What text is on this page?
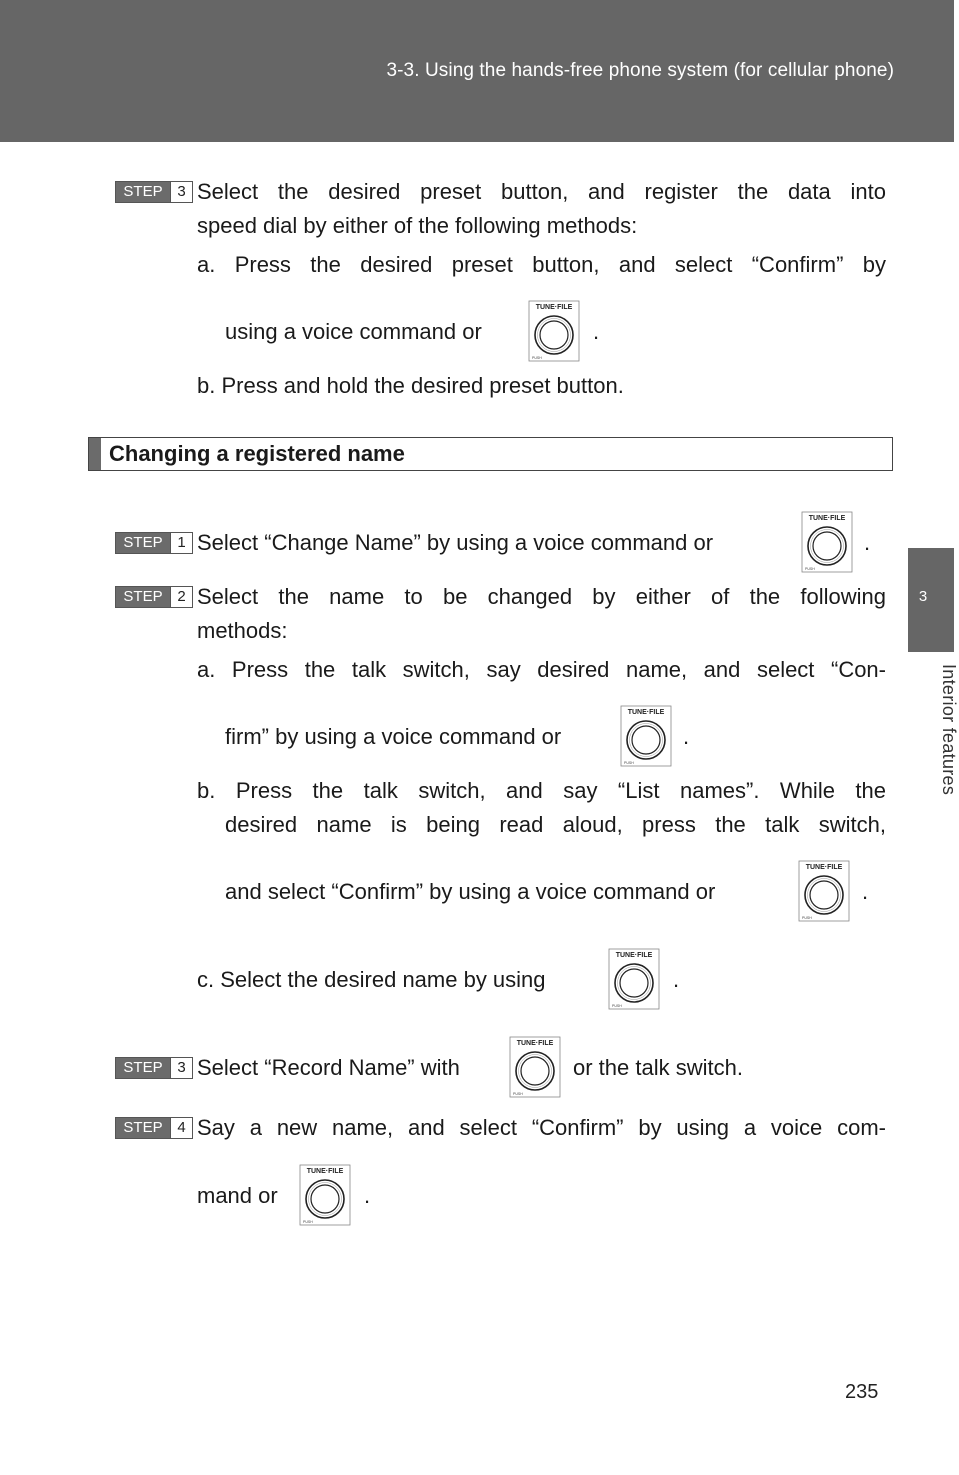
3-3. Using the hands-free phone system (for cellular phone)
3
Interior features
STEP 3 Select the desired preset button, and register the data into
speed dial by either of the following methods:
a. Press the desired preset button, and select “Confirm” by
using a voice command or
TUNE·FILE
PUSH
.
b. Press and hold the desired preset button.
Changing a registered name
STEP 1 Select “Change Name” by using a voice command or
TUNE·FILE
PUSH
.
STEP 2 Select the name to be changed by either of the following
methods:
a. Press the talk switch, say desired name, and select “Con-
firm” by using a voice command or
TUNE·FILE
PUSH
.
b. Press the talk switch, and say “List names”. While the
desired name is being read aloud, press the talk switch,
and select “Confirm” by using a voice command or
TUNE·FILE
PUSH
.
c. Select the desired name by using
TUNE·FILE
PUSH
.
STEP 3 Select “Record Name” with
TUNE·FILE
PUSH
or the talk switch.
STEP 4 Say a new name, and select “Confirm” by using a voice com-
mand or
TUNE·FILE
PUSH
.
235
